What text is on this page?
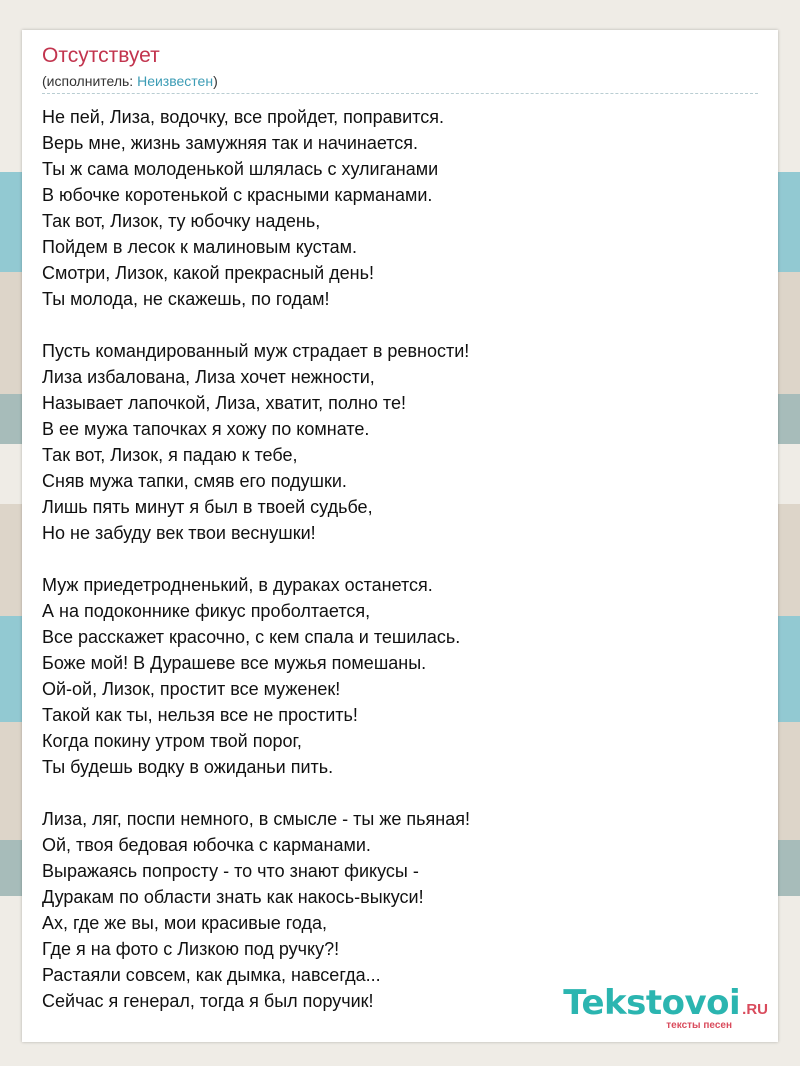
Отсутствует
(исполнитель: Неизвестен)
Не пей, Лиза, водочку, все пройдет, поправится.
Верь мне, жизнь замужняя так и начинается.
Ты ж сама молоденькой шлялась с хулиганами
В юбочке коротенькой с красными карманами.
Так вот, Лизок, ту юбочку надень,
Пойдем в лесок к малиновым кустам.
Смотри, Лизок, какой прекрасный день!
Ты молода, не скажешь, по годам!
Пусть командированный муж страдает в ревности!
Лиза избалована, Лиза хочет нежности,
Называет лапочкой, Лиза, хватит, полно те!
В ее мужа тапочках я хожу по комнате.
Так вот, Лизок, я падаю к тебе,
Сняв мужа тапки, смяв его подушки.
Лишь пять минут я был в твоей судьбе,
Но не забуду век твои веснушки!
Муж приедетродненький, в дураках останется.
А на подоконнике фикус проболтается,
Все расскажет красочно, с кем спала и тешилась.
Боже мой! В Дурашеве все мужья помешаны.
Ой-ой, Лизок, простит все муженек!
Такой как ты, нельзя все не простить!
Когда покину утром твой порог,
Ты будешь водку в ожиданьи пить.
Лиза, ляг, поспи немного, в смысле - ты же пьяная!
Ой, твоя бедовая юбочка с карманами.
Выражаясь попросту - то что знают фикусы -
Дуракам по области знать как накось-выкуси!
Ах, где же вы, мои красивые года,
Где я на фото с Лизкою под ручку?!
Растаяли совсем, как дымка, навсегда...
Сейчас я генерал, тогда я был поручик!	Tekstovoi .RU
тексты песен
